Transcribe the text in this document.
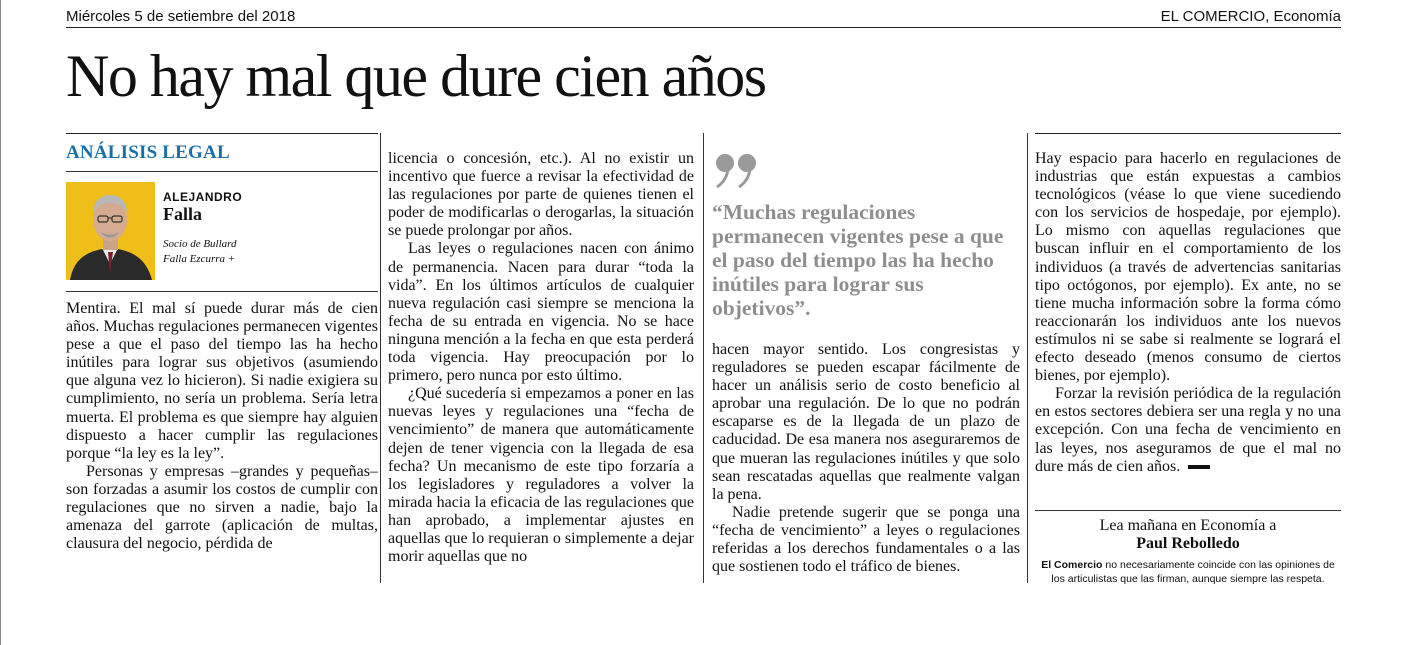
Miércoles 5 de setiembre del 2018	EL COMERCIO, Economía
No hay mal que dure cien años
ANÁLISIS LEGAL
ALEJANDRO
Falla
Socio de Bullard
Falla Ezcurra +

Mentira. El mal sí puede durar más de cien años. Muchas regulaciones permanecen vigentes pese a que el paso del tiempo las ha hecho inútiles para lograr sus objetivos (asumiendo que alguna vez lo hicieron). Si nadie exigiera su cumplimiento, no sería un problema. Sería letra muerta. El problema es que siempre hay alguien dispuesto a hacer cumplir las regulaciones porque “la ley es la ley”.

Personas y empresas –grandes y pequeñas– son forzadas a asumir los costos de cumplir con regulaciones que no sirven a nadie, bajo la amenaza del garrote (aplicación de multas, clausura del negocio, pérdida de

licencia o concesión, etc.). Al no existir un incentivo que fuerce a revisar la efectividad de las regulaciones por parte de quienes tienen el poder de modificarlas o derogarlas, la situación se puede prolongar por años.

Las leyes o regulaciones nacen con ánimo de permanencia. Nacen para durar “toda la vida”. En los últimos artículos de cualquier nueva regulación casi siempre se menciona la fecha de su entrada en vigencia. No se hace ninguna mención a la fecha en que esta perderá toda vigencia. Hay preocupación por lo primero, pero nunca por esto último.

¿Qué sucedería si empezamos a poner en las nuevas leyes y regulaciones una “fecha de vencimiento” de manera que automáticamente dejen de tener vigencia con la llegada de esa fecha? Un mecanismo de este tipo forzaría a los legisladores y reguladores a volver la mirada hacia la eficacia de las regulaciones que han aprobado, a implementar ajustes en aquellas que lo requieran o simplemente a dejar morir aquellas que no

“Muchas regulaciones permanecen vigentes pese a que el paso del tiempo las ha hecho inútiles para lograr sus objetivos”.

hacen mayor sentido. Los congresistas y reguladores se pueden escapar fácilmente de hacer un análisis serio de costo beneficio al aprobar una regulación. De lo que no podrán escaparse es de la llegada de un plazo de caducidad. De esa manera nos aseguraremos de que mueran las regulaciones inútiles y que solo sean rescatadas aquellas que realmente valgan la pena.

Nadie pretende sugerir que se ponga una “fecha de vencimiento” a leyes o regulaciones referidas a los derechos fundamentales o a las que sostienen todo el tráfico de bienes.

Hay espacio para hacerlo en regulaciones de industrias que están expuestas a cambios tecnológicos (véase lo que viene sucediendo con los servicios de hospedaje, por ejemplo). Lo mismo con aquellas regulaciones que buscan influir en el comportamiento de los individuos (a través de advertencias sanitarias tipo octógonos, por ejemplo). Ex ante, no se tiene mucha información sobre la forma cómo reaccionarán los individuos ante los nuevos estímulos ni se sabe si realmente se logrará el efecto deseado (menos consumo de ciertos bienes, por ejemplo).

Forzar la revisión periódica de la regulación en estos sectores debiera ser una regla y no una excepción. Con una fecha de vencimiento en las leyes, nos aseguramos de que el mal no dure más de cien años.

Lea mañana en Economía a
Paul Rebolledo
El Comercio no necesariamente coincide con las opiniones de los articulistas que las firman, aunque siempre las respeta.
